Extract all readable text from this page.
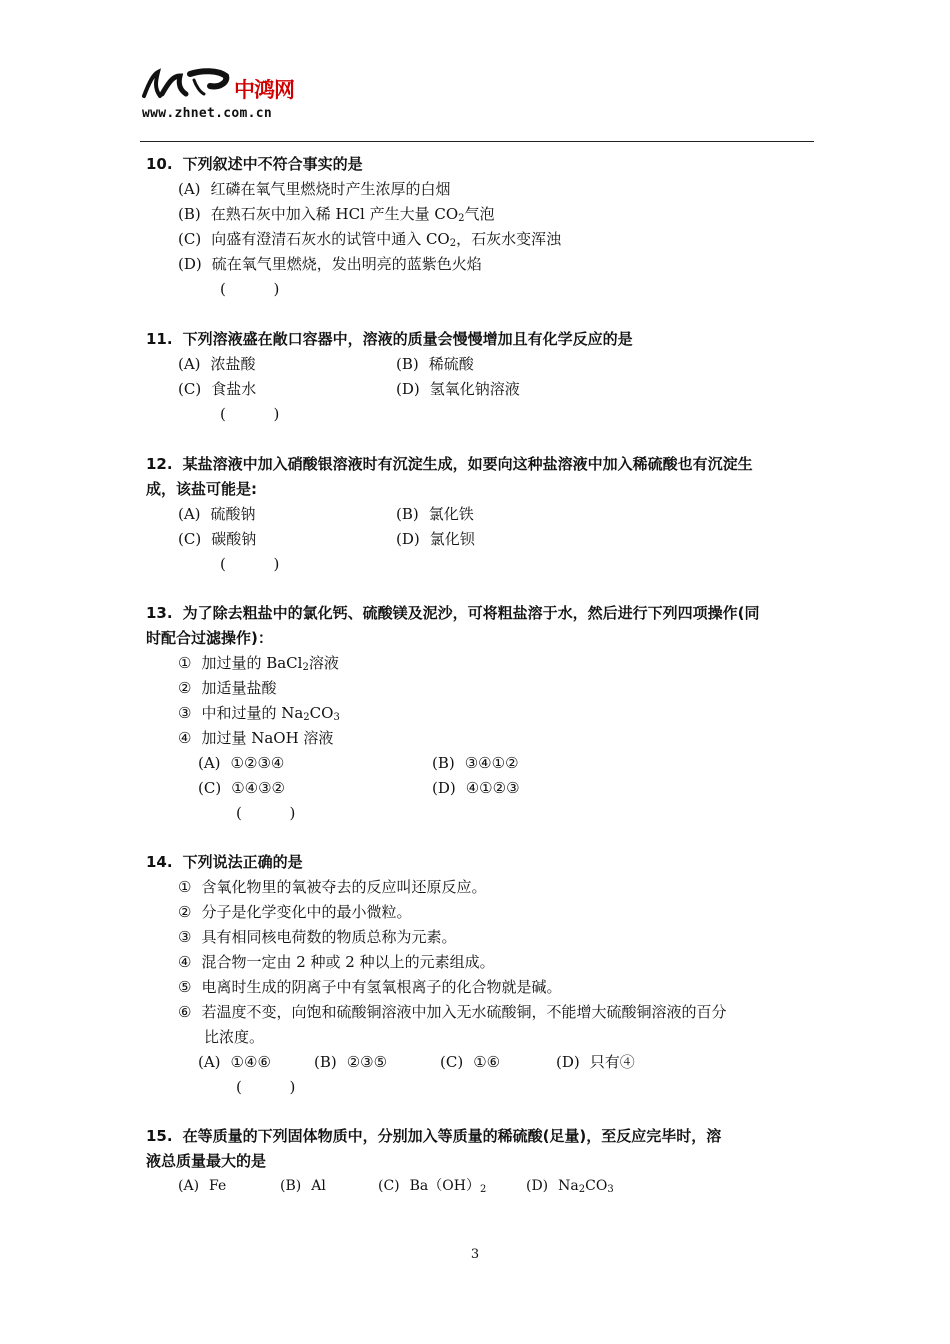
中鸿网
www.zhnet.com.cn
10. 下列叙述中不符合事实的是
(A) 红磷在氧气里燃烧时产生浓厚的白烟
(B) 在熟石灰中加入稀 HCl 产生大量 $CO_2$气泡
(C) 向盛有澄清石灰水的试管中通入 $CO_2$，石灰水变浑浊
(D) 硫在氧气里燃烧，发出明亮的蓝紫色火焰
(          )
11. 下列溶液盛在敞口容器中，溶液的质量会慢慢增加且有化学反应的是
(A) 浓盐酸	(B) 稀硫酸
(C) 食盐水	(D) 氢氧化钠溶液
(          )
12. 某盐溶液中加入硝酸银溶液时有沉淀生成，如要向这种盐溶液中加入稀硫酸也有沉淀生
成，该盐可能是:
(A) 硫酸钠	(B) 氯化铁
(C) 碳酸钠	(D) 氯化钡
(          )
13. 为了除去粗盐中的氯化钙、硫酸镁及泥沙，可将粗盐溶于水，然后进行下列四项操作(同
时配合过滤操作)：
① 加过量的 BaCl$_2$溶液
② 加适量盐酸
③ 中和过量的 $Na_2CO_3$
④ 加过量 NaOH 溶液
(A) ①②③④	(B) ③④①②
(C) ①④③②	(D) ④①②③
(          )
14. 下列说法正确的是
① 含氧化物里的氧被夺去的反应叫还原反应。
② 分子是化学变化中的最小微粒。
③ 具有相同核电荷数的物质总称为元素。
④ 混合物一定由 2 种或 2 种以上的元素组成。
⑤ 电离时生成的阴离子中有氢氧根离子的化合物就是碱。
⑥ 若温度不变，向饱和硫酸铜溶液中加入无水硫酸铜，不能增大硫酸铜溶液的百分
比浓度。
(A) ①④⑥	(B) ②③⑤	(C) ①⑥	(D) 只有④
(          )
15. 在等质量的下列固体物质中，分别加入等质量的稀硫酸(足量)，至反应完毕时，溶
液总质量最大的是
(A) Fe	(B) Al	(C) $Ba(OH)_2$	(D) $Na_2CO_3$
3
